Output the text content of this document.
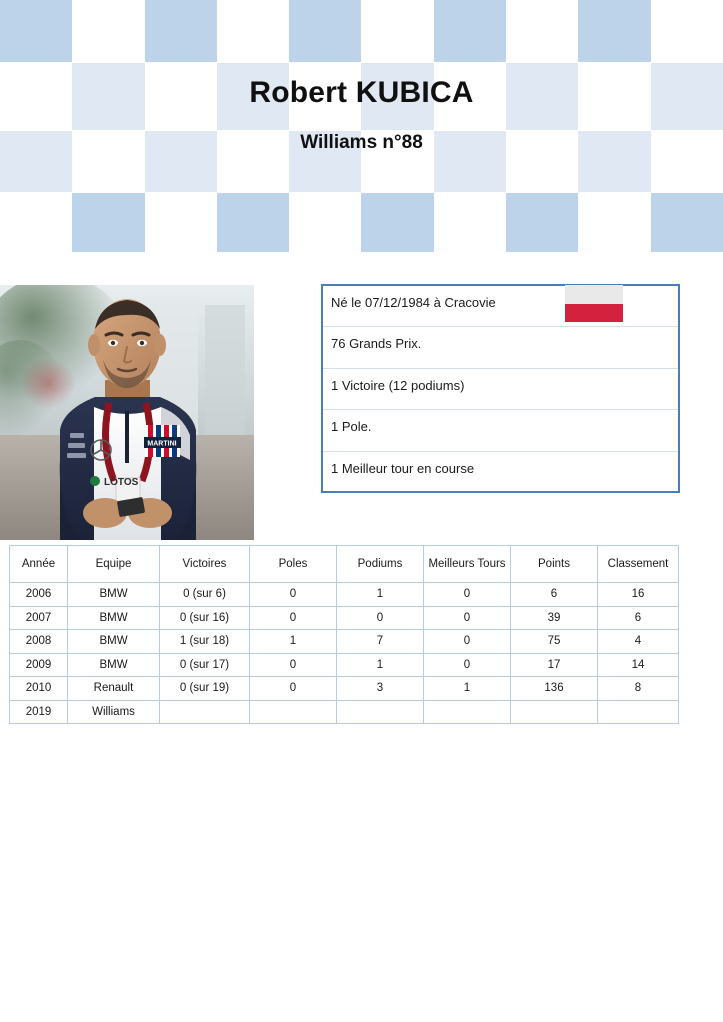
Robert KUBICA
Williams n°88
MARTINI
LOTOS
Né le 07/12/1984 à Cracovie
76 Grands Prix.
1 Victoire (12 podiums)
1 Pole.
1 Meilleur tour en course
Année	Equipe	Victoires	Poles	Podiums	Meilleurs Tours	Points	Classement
2006	BMW	0 (sur 6)	0	1	0	6	16
2007	BMW	0 (sur 16)	0	0	0	39	6
2008	BMW	1 (sur 18)	1	7	0	75	4
2009	BMW	0 (sur 17)	0	1	0	17	14
2010	Renault	0 (sur 19)	0	3	1	136	8
2019	Williams						
